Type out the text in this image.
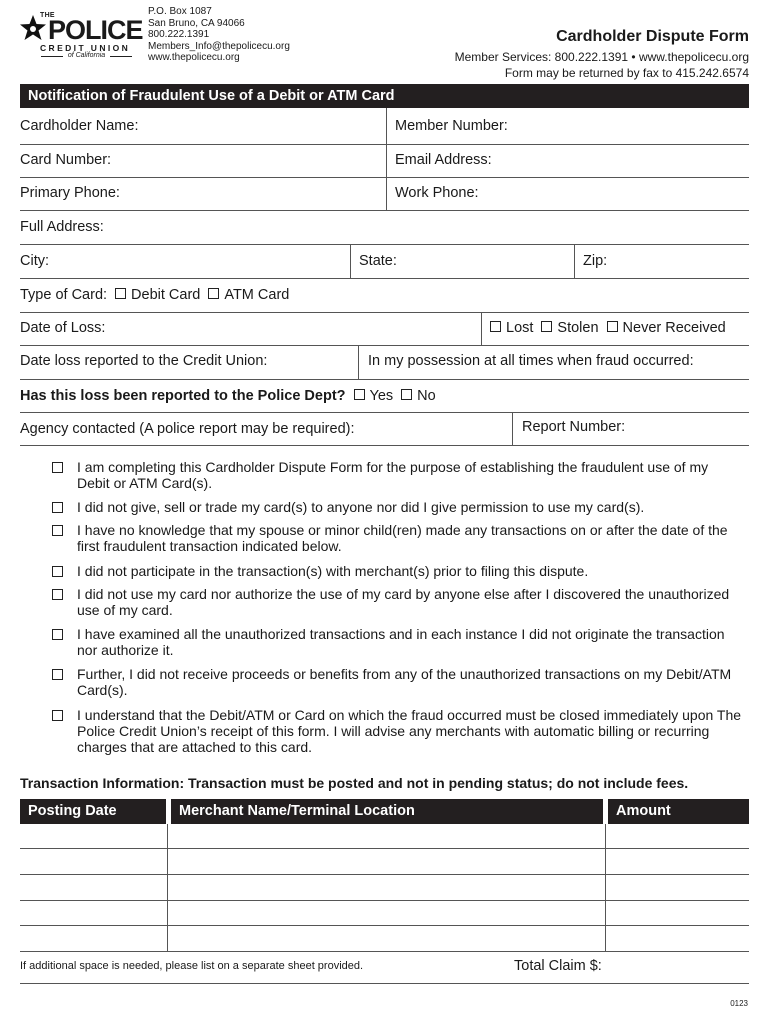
THE
POLICE
CREDIT UNION
of California
P.O. Box 1087
San Bruno, CA 94066
800.222.1391
Members_Info@thepolicecu.org
www.thepolicecu.org
Cardholder Dispute Form
Member Services: 800.222.1391 • www.thepolicecu.org
Form may be returned by fax to 415.242.6574
Notification of Fraudulent Use of a Debit or ATM Card
Cardholder Name:	Member Number:
Card Number:	Email Address:
Primary Phone:	Work Phone:
Full Address:
City:	State:	Zip:
Type of Card: Debit Card ATM Card
Date of Loss:	Lost Stolen Never Received
Date loss reported to the Credit Union:	In my possession at all times when fraud occurred:
Has this loss been reported to the Police Dept? Yes No
Agency contacted (A police report may be required):	Report Number:
I am completing this Cardholder Dispute Form for the purpose of establishing the fraudulent use of my Debit or ATM Card(s).
I did not give, sell or trade my card(s) to anyone nor did I give permission to use my card(s).
I have no knowledge that my spouse or minor child(ren) made any transactions on or after the date of the first fraudulent transaction indicated below.
I did not participate in the transaction(s) with merchant(s) prior to filing this dispute.
I did not use my card nor authorize the use of my card by anyone else after I discovered the unauthorized use of my card.
I have examined all the unauthorized transactions and in each instance I did not originate the transaction nor authorize it.
Further, I did not receive proceeds or benefits from any of the unauthorized transactions on my Debit/ATM Card(s).
I understand that the Debit/ATM or Card on which the fraud occurred must be closed immediately upon The Police Credit Union’s receipt of this form. I will advise any merchants with automatic billing or recurring charges that are attached to this card.
Transaction Information: Transaction must be posted and not in pending status; do not include fees.
Posting Date	Merchant Name/Terminal Location	Amount
If additional space is needed, please list on a separate sheet provided.	Total Claim $:
0123
